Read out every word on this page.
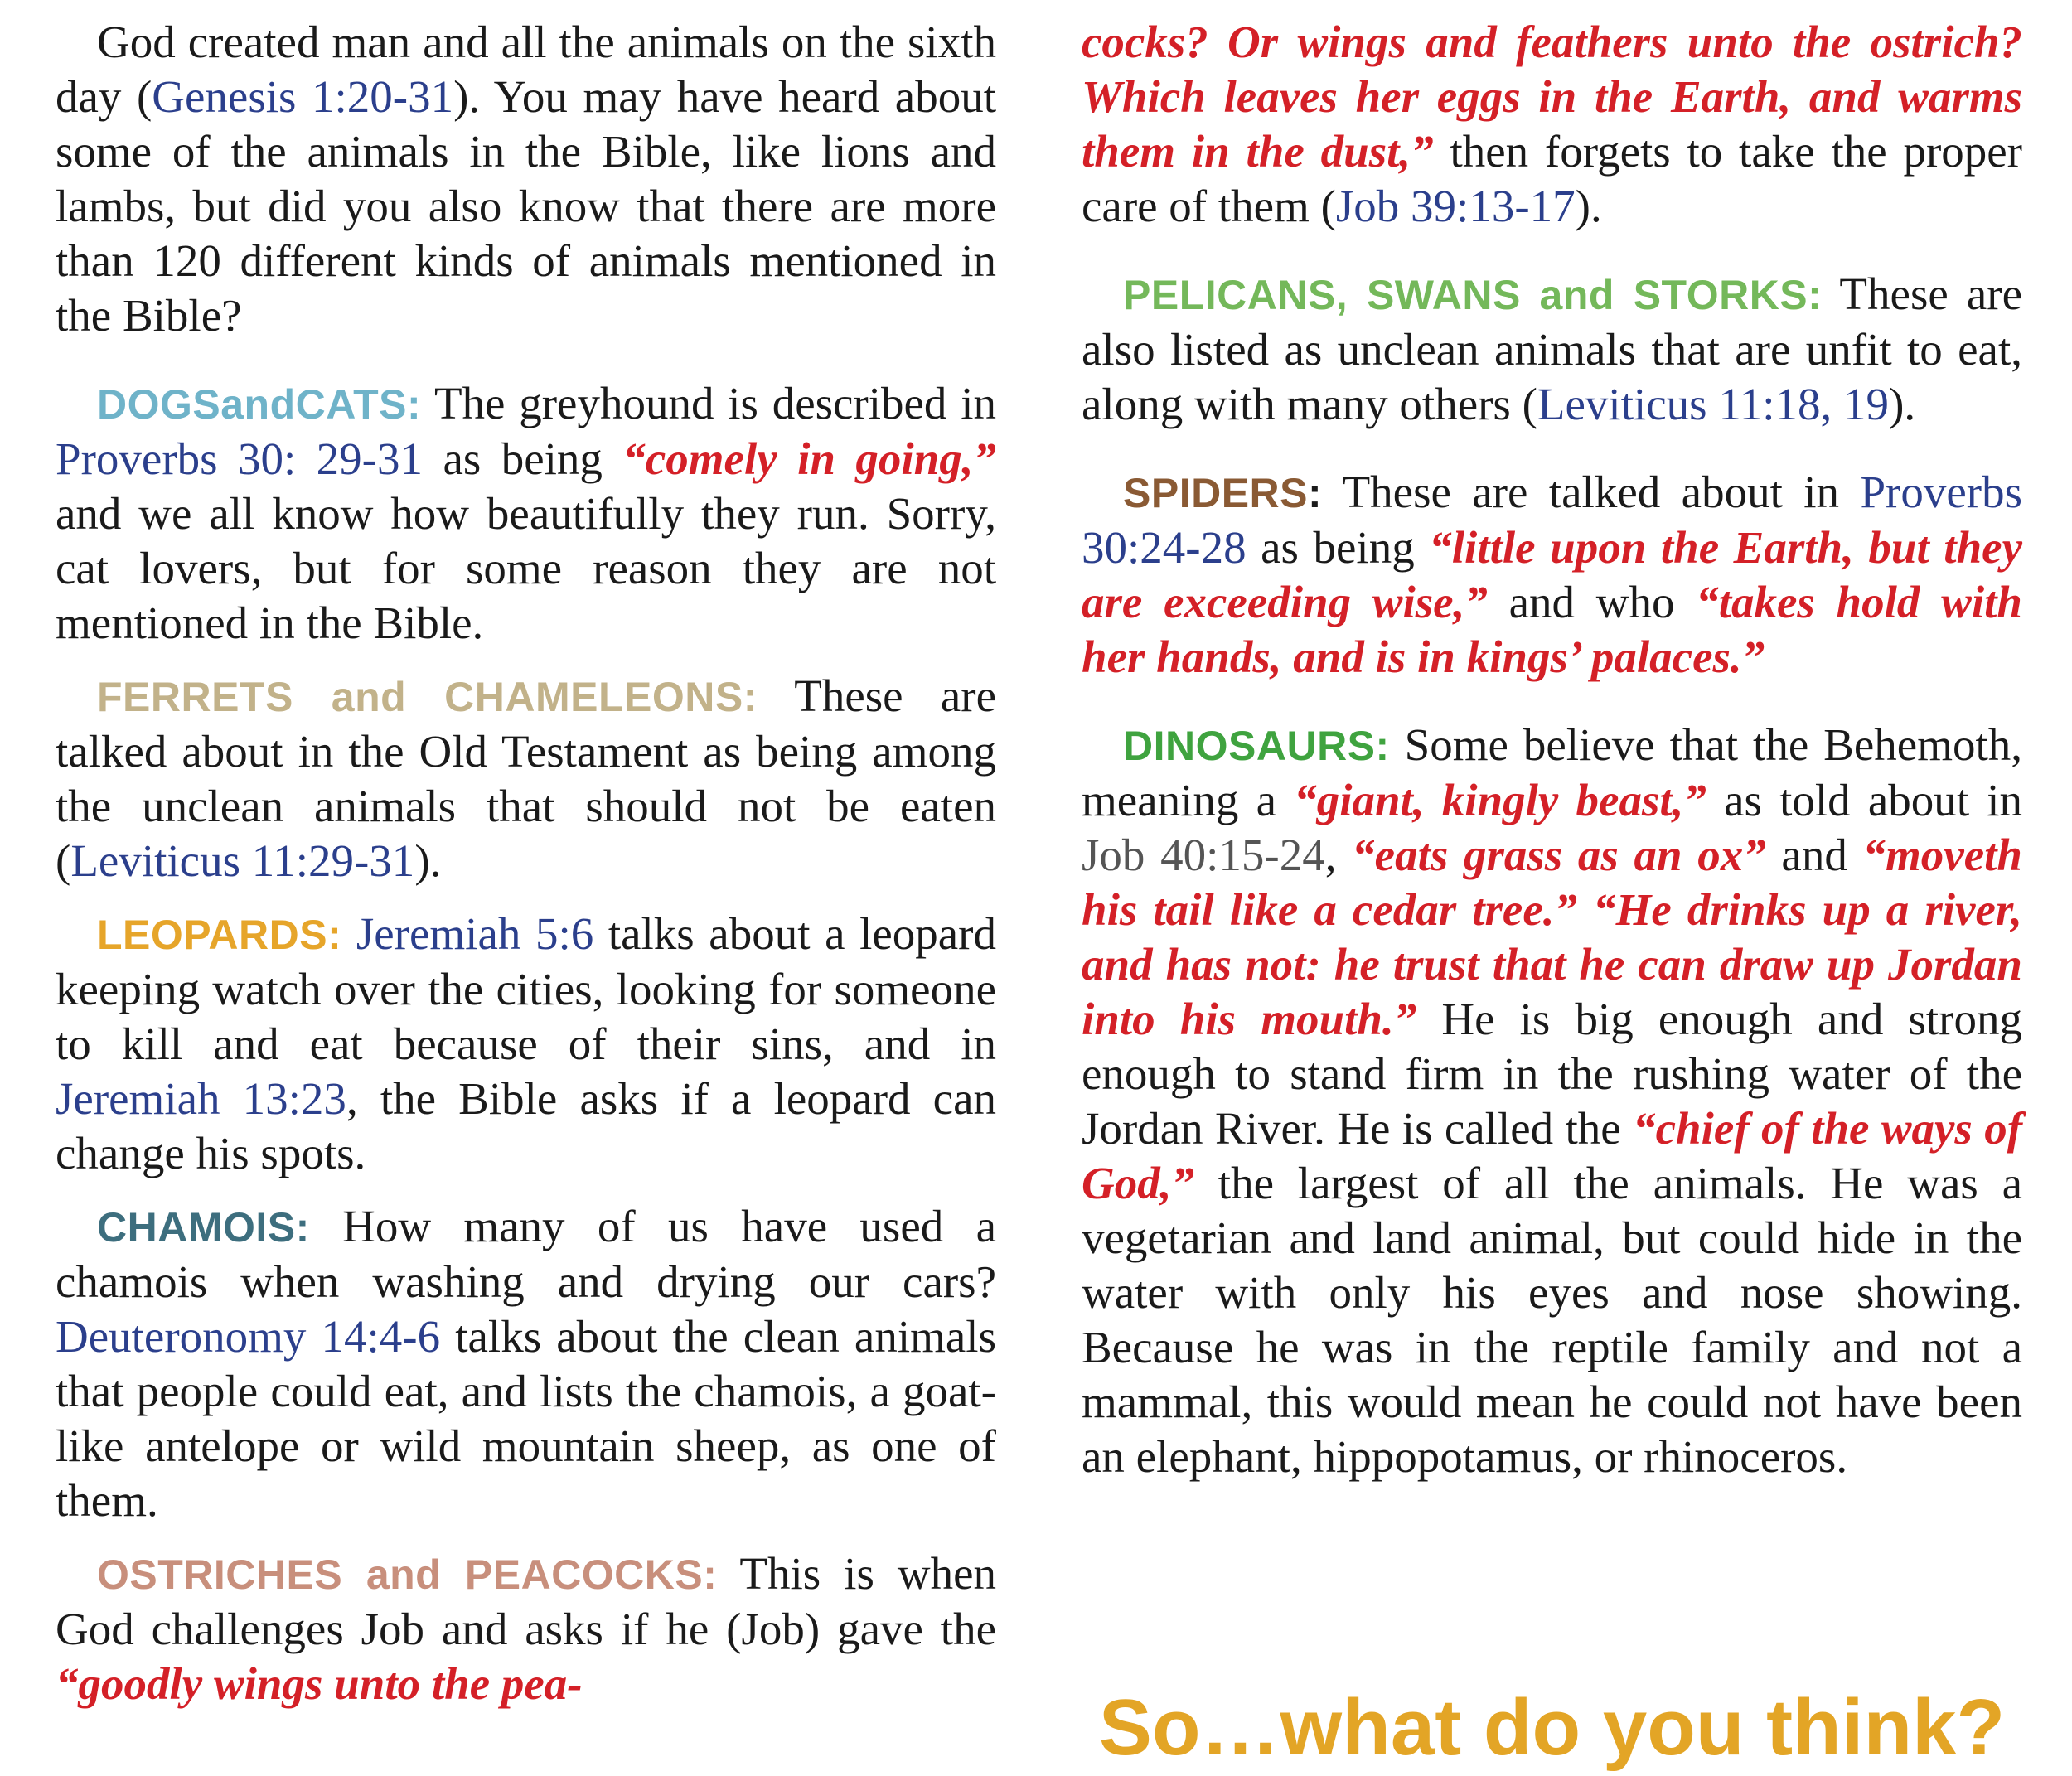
God created man and all the animals on the sixth day (Genesis 1:20-31). You may have heard about some of the animals in the Bible, like lions and lambs, but did you also know that there are more than 120 different kinds of animals mentioned in the Bible?

DOGSandCATS: The greyhound is described in Proverbs 30: 29-31 as being “comely in going,” and we all know how beautifully they run. Sorry, cat lovers, but for some reason they are not mentioned in the Bible.

FERRETS and CHAMELEONS: These are talked about in the Old Testament as being among the unclean animals that should not be eaten (Leviticus 11:29-31).

LEOPARDS: Jeremiah 5:6 talks about a leopard keeping watch over the cities, looking for someone to kill and eat because of their sins, and in Jeremiah 13:23, the Bible asks if a leopard can change his spots.

CHAMOIS: How many of us have used a chamois when washing and drying our cars? Deuteronomy 14:4-6 talks about the clean animals that people could eat, and lists the chamois, a goat-like antelope or wild mountain sheep, as one of them.

OSTRICHES and PEACOCKS: This is when God challenges Job and asks if he (Job) gave the “goodly wings unto the pea-

cocks? Or wings and feathers unto the ostrich? Which leaves her eggs in the Earth, and warms them in the dust,” then forgets to take the proper care of them (Job 39:13-17).

PELICANS, SWANS and STORKS: These are also listed as unclean animals that are unfit to eat, along with many others (Leviticus 11:18, 19).

SPIDERS: These are talked about in Proverbs 30:24-28 as being “little upon the Earth, but they are exceeding wise,” and who “takes hold with her hands, and is in kings’ palaces.”

DINOSAURS: Some believe that the Behemoth, meaning a “giant, kingly beast,” as told about in Job 40:15-24, “eats grass as an ox” and “moveth his tail like a cedar tree.” “He drinks up a river, and has not: he trust that he can draw up Jordan into his mouth.” He is big enough and strong enough to stand firm in the rushing water of the Jordan River. He is called the “chief of the ways of God,” the largest of all the animals. He was a vegetarian and land animal, but could hide in the water with only his eyes and nose showing. Because he was in the reptile family and not a mammal, this would mean he could not have been an elephant, hippopotamus, or rhinoceros.

So…what do you think?
